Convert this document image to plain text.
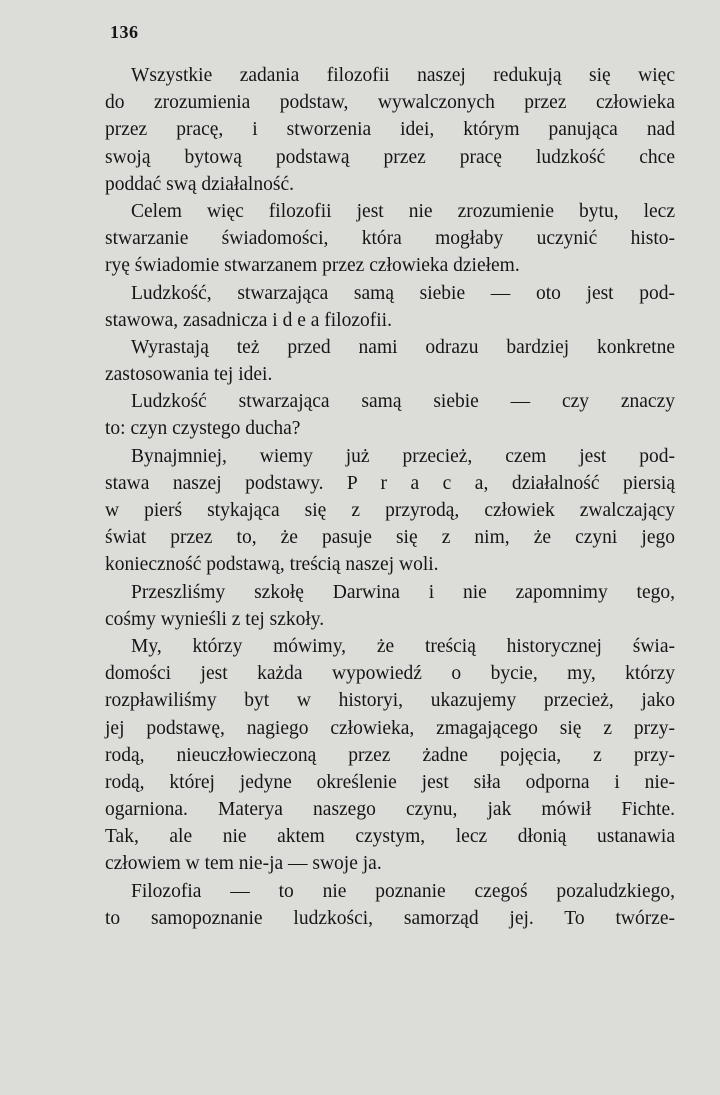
136
Wszystkie zadania filozofii naszej redukują się więc
do zrozumienia podstaw, wywalczonych przez człowieka
przez pracę, i stworzenia idei, którym panująca nad
swoją bytową podstawą przez pracę ludzkość chce
poddać swą działalność.
Celem więc filozofii jest nie zrozumienie bytu, lecz
stwarzanie świadomości, która mogłaby uczynić histo-
ryę świadomie stwarzanem przez człowieka dziełem.
Ludzkość, stwarzająca samą siebie — oto jest pod-
stawowa, zasadnicza i d e a filozofii.
Wyrastają też przed nami odrazu bardziej konkretne
zastosowania tej idei.
Ludzkość stwarzająca samą siebie — czy znaczy
to: czyn czystego ducha?
Bynajmniej, wiemy już przecież, czem jest pod-
stawa naszej podstawy. P r a c a, działalność piersią
w pierś stykająca się z przyrodą, człowiek zwalczający
świat przez to, że pasuje się z nim, że czyni jego
konieczność podstawą, treścią naszej woli.
Przeszliśmy szkołę Darwina i nie zapomnimy tego,
cośmy wynieśli z tej szkoły.
My, którzy mówimy, że treścią historycznej świa-
domości jest każda wypowiedź o bycie, my, którzy
rozpławiliśmy byt w historyi, ukazujemy przecież, jako
jej podstawę, nagiego człowieka, zmagającego się z przy-
rodą, nieuczłowieczoną przez żadne pojęcia, z przy-
rodą, której jedyne określenie jest siła odporna i nie-
ogarniona. Materya naszego czynu, jak mówił Fichte.
Tak, ale nie aktem czystym, lecz dłonią ustanawia
człowiem w tem nie-ja — swoje ja.
Filozofia — to nie poznanie czegoś pozaludzkiego,
to samopoznanie ludzkości, samorząd jej. To twórze-
